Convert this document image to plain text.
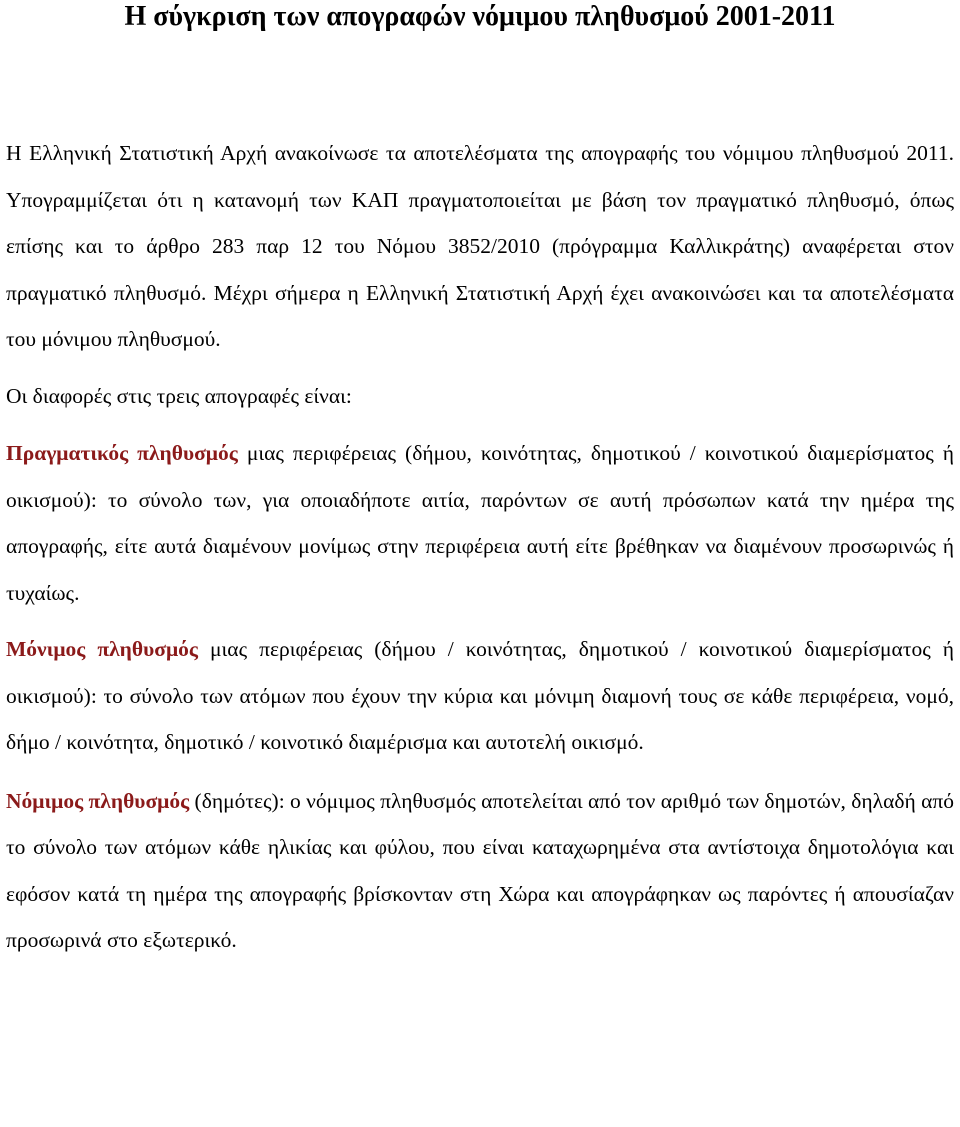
Η σύγκριση των απογραφών νόμιμου πληθυσμού 2001-2011

Η Ελληνική Στατιστική Αρχή ανακοίνωσε τα αποτελέσματα της απογραφής του νόμιμου πληθυσμού 2011. Υπογραμμίζεται ότι η κατανομή των ΚΑΠ πραγματοποιείται με βάση τον πραγματικό πληθυσμό, όπως επίσης και το άρθρο 283 παρ 12 του Νόμου 3852/2010 (πρόγραμμα Καλλικράτης) αναφέρεται στον πραγματικό πληθυσμό. Μέχρι σήμερα η Ελληνική Στατιστική Αρχή έχει ανακοινώσει και τα αποτελέσματα του μόνιμου πληθυσμού.

Οι διαφορές στις τρεις απογραφές είναι:

Πραγματικός πληθυσμός μιας περιφέρειας (δήμου, κοινότητας, δημοτικού / κοινοτικού διαμερίσματος ή οικισμού): το σύνολο των, για οποιαδήποτε αιτία, παρόντων σε αυτή πρόσωπων κατά την ημέρα της απογραφής, είτε αυτά διαμένουν μονίμως στην περιφέρεια αυτή είτε βρέθηκαν να διαμένουν προσωρινώς ή τυχαίως.

Μόνιμος πληθυσμός μιας περιφέρειας (δήμου / κοινότητας, δημοτικού / κοινοτικού διαμερίσματος ή οικισμού): το σύνολο των ατόμων που έχουν την κύρια και μόνιμη διαμονή τους σε κάθε περιφέρεια, νομό, δήμο / κοινότητα, δημοτικό / κοινοτικό διαμέρισμα και αυτοτελή οικισμό.

Νόμιμος πληθυσμός (δημότες): ο νόμιμος πληθυσμός αποτελείται από τον αριθμό των δημοτών, δηλαδή από το σύνολο των ατόμων κάθε ηλικίας και φύλου, που είναι καταχωρημένα στα αντίστοιχα δημοτολόγια και εφόσον κατά τη ημέρα της απογραφής βρίσκονταν στη Χώρα και απογράφηκαν ως παρόντες ή απουσίαζαν προσωρινά στο εξωτερικό.
